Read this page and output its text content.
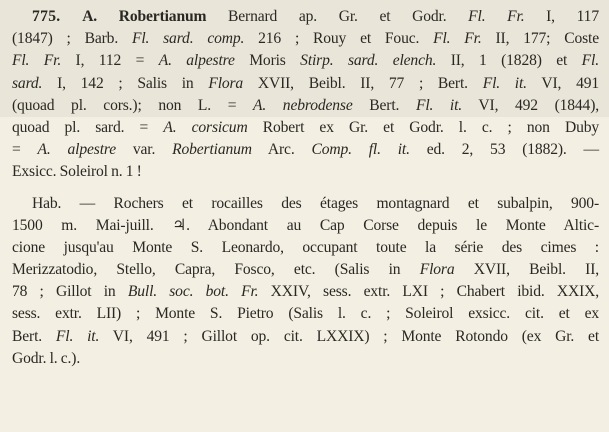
775. A. Robertianum Bernard ap. Gr. et Godr. Fl. Fr. I, 117
(1847) ; Barb. Fl. sard. comp. 216 ; Rouy et Fouc. Fl. Fr. II, 177; Coste
Fl. Fr. I, 112 = A. alpestre Moris Stirp. sard. elench. II, 1 (1828) et Fl.
sard. I, 142 ; Salis in Flora XVII, Beibl. II, 77 ; Bert. Fl. it. VI, 491
(quoad pl. cors.); non L. = A. nebrodense Bert. Fl. it. VI, 492 (1844),
quoad pl. sard. = A. corsicum Robert ex Gr. et Godr. l. c. ; non Duby
= A. alpestre var. Robertianum Arc. Comp. fl. it. ed. 2, 53 (1882). —
Exsicc. Soleirol n. 1 !
Hab. — Rochers et rocailles des étages montagnard et subalpin, 900-
1500 m. Mai-juill. ♃. Abondant au Cap Corse depuis le Monte Altic-
cione jusqu'au Monte S. Leonardo, occupant toute la série des cimes :
Merizzatodio, Stello, Capra, Fosco, etc. (Salis in Flora XVII, Beibl. II,
78 ; Gillot in Bull. soc. bot. Fr. XXIV, sess. extr. LXI ; Chabert ibid. XXIX,
sess. extr. LII) ; Monte S. Pietro (Salis l. c. ; Soleirol exsicc. cit. et ex
Bert. Fl. it. VI, 491 ; Gillot op. cit. LXXIX) ; Monte Rotondo (ex Gr. et
Godr. l. c.).
